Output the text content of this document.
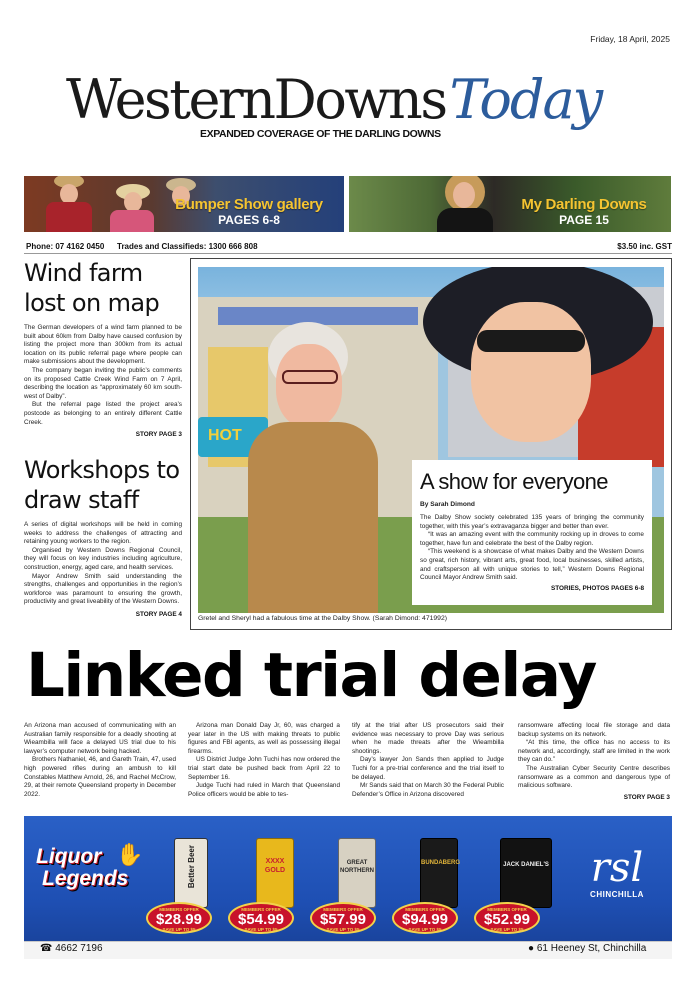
Friday, 18 April, 2025
WesternDownsToday
EXPANDED COVERAGE OF THE DARLING DOWNS
Bumper Show gallery
PAGES 6-8
My Darling Downs
PAGE 15
Phone: 07 4162 0450 Trades and Classifieds: 1300 666 808	$3.50 inc. GST
Wind farm lost on map

The German developers of a wind farm planned to be built about 60km from Dalby have caused confusion by listing the project more than 300km from its actual location on its public referral page where people can make submissions about the development.

The company began inviting the public’s comments on its proposed Cattle Creek Wind Farm on 7 April, describing the location as “approximately 60 km south-west of Dalby”.

But the referral page listed the project area’s postcode as belonging to an entirely different Cattle Creek.

STORY PAGE 3
Workshops to draw staff

A series of digital workshops will be held in coming weeks to address the challenges of attracting and retaining young workers to the region.

Organised by Western Downs Regional Council, they will focus on key industries including agriculture, construction, energy, aged care, and health services.

Mayor Andrew Smith said understanding the strengths, challenges and opportunities in the region’s workforce was paramount to ensuring the growth, productivity and great liveability of the Western Downs.

STORY PAGE 4
HOT
A show for everyone
By Sarah Dimond

The Dalby Show society celebrated 135 years of bringing the community together, with this year’s extravaganza bigger and better than ever.

“It was an amazing event with the community rocking up in droves to come together, have fun and celebrate the best of the Dalby region.

“This weekend is a showcase of what makes Dalby and the Western Downs so great, rich history, vibrant arts, great food, local businesses, skilled artists, and craftsperson all with unique stories to tell,” Western Downs Regional Council Mayor Andrew Smith said.

STORIES, PHOTOS PAGES 6-8
Gretel and Sheryl had a fabulous time at the Dalby Show. (Sarah Dimond: 471992)
Linked trial delay

An Arizona man accused of communicating with an Australian family responsible for a deadly shooting at Wieambilla will face a delayed US trial due to his lawyer’s computer network being hacked.

Brothers Nathaniel, 46, and Gareth Train, 47, used high powered rifles during an ambush to kill Constables Matthew Arnold, 26, and Rachel McCrow, 29, at their remote Queensland property in December 2022.

Arizona man Donald Day Jr, 60, was charged a year later in the US with making threats to public figures and FBI agents, as well as possessing illegal firearms.

US District Judge John Tuchi has now ordered the trial start date be pushed back from April 22 to September 16.

Judge Tuchi had ruled in March that Queensland Police officers would be able to tes-

tify at the trial after US prosecutors said their evidence was necessary to prove Day was serious when he made threats after the Wieambilla shootings.

Day’s lawyer Jon Sands then applied to Judge Tuchi for a pre-trial conference and the trial itself to be delayed.

Mr Sands said that on March 30 the Federal Public Defender’s Office in Arizona discovered

ransomware affecting local file storage and data backup systems on its network.

“At this time, the office has no access to its network and, accordingly, staff are limited in the work they can do.”

The Australian Cyber Security Centre describes ransomware as a common and dangerous type of malicious software.

STORY PAGE 3
Liquor
Legends
✋	Better Beer	XXXX GOLD
GREAT NORTHERN
BUNDABERG	JACK DANIEL'S
MEMBERS OFFER
$28.99
SAVE UP TO $5
MEMBERS OFFER
$54.99
SAVE UP TO $5
MEMBERS OFFER
$57.99
SAVE UP TO $5
MEMBERS OFFER
$94.99
SAVE UP TO $5
MEMBERS OFFER
$52.99
SAVE UP TO $5
rsl
CHINCHILLA
☎ 4662 7196	● 61 Heeney St, Chinchilla
